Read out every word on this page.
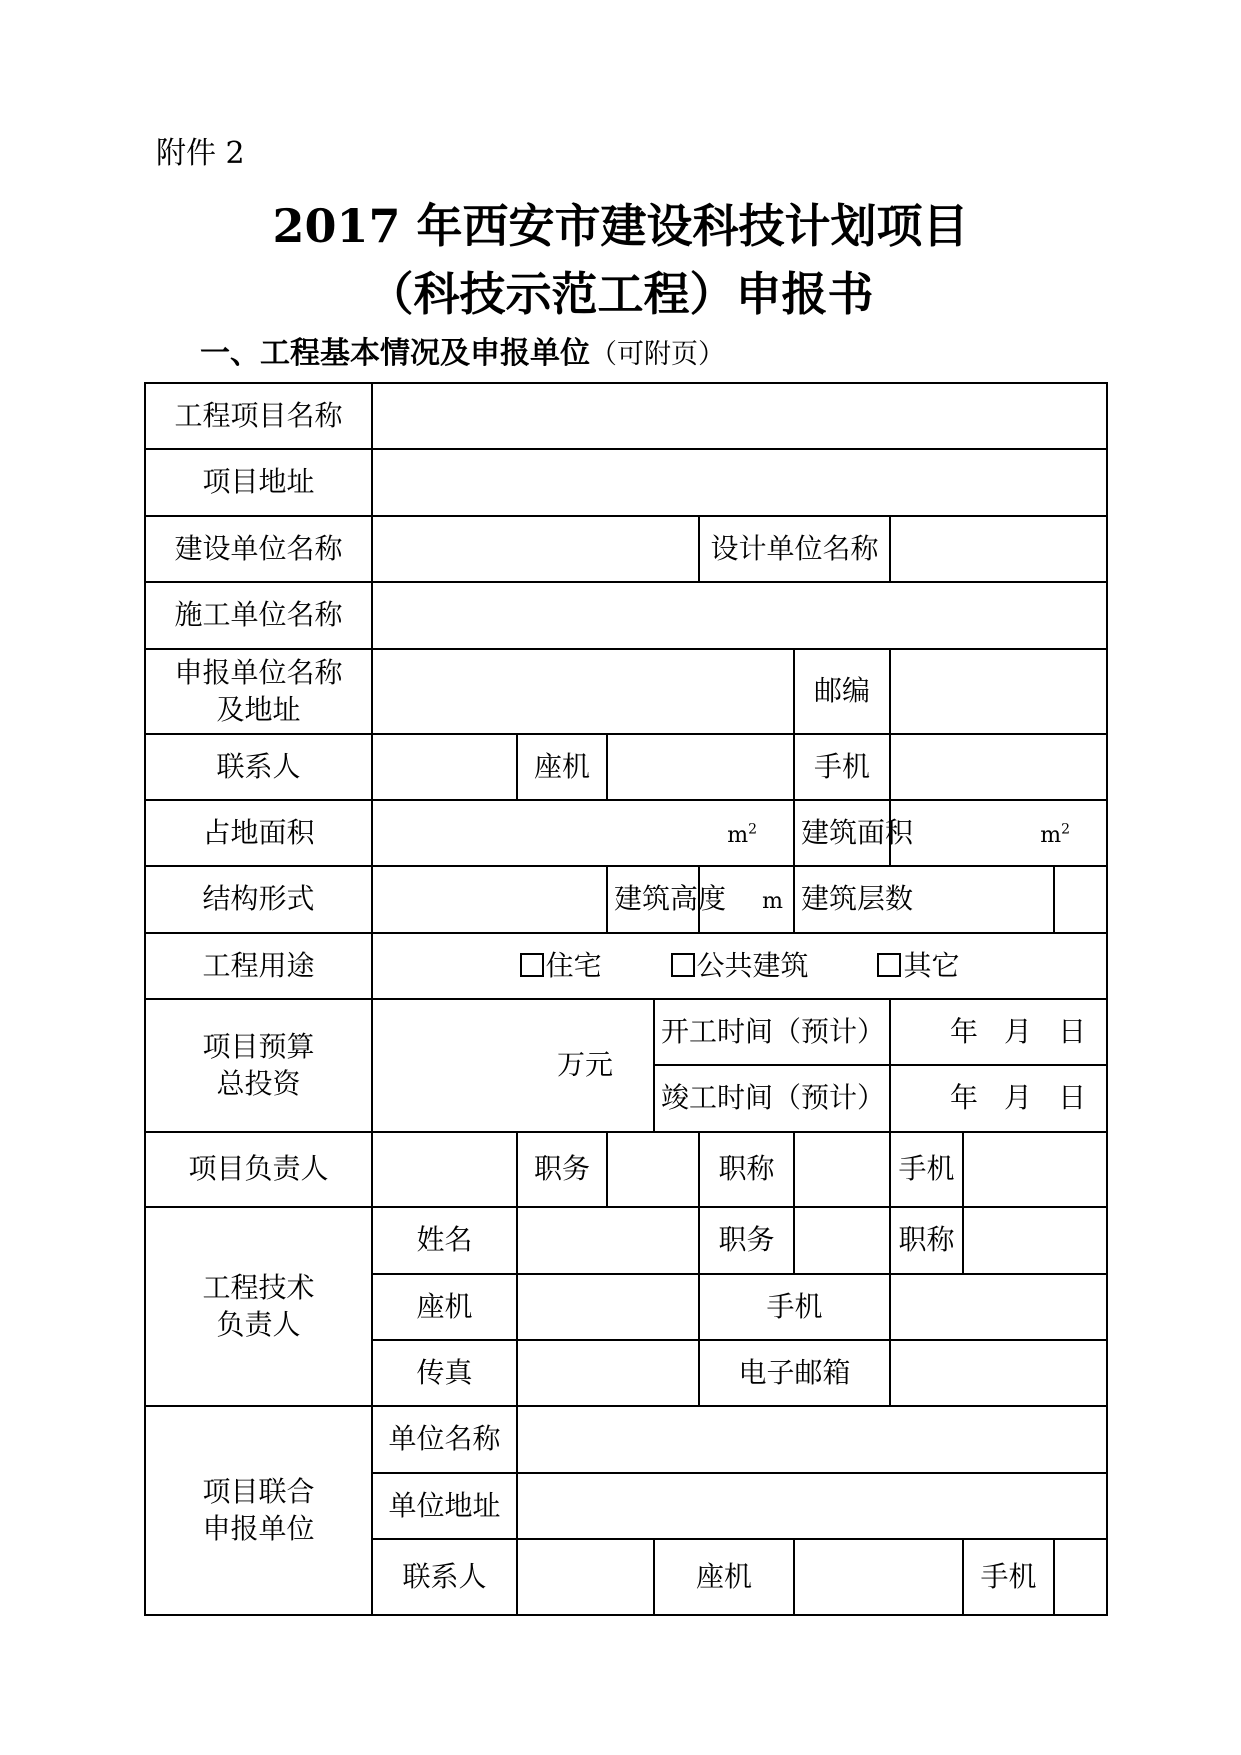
附件 2
2017 年西安市建设科技计划项目
（科技示范工程）申报书
一、工程基本情况及申报单位（可附页）
工程项目名称									
项目地址									
建设单位名称					设计单位名称				
施工单位名称									
申报单位名称
及地址						邮编			
联系人		座机				手机			
占地面积	$m^2$					建筑面积	$m^2$
结构形式			建筑高度		m	建筑层数			
工程用途	住宅 公共建筑 其它								
项目预算
总投资	万元			开工时间（预计）			年 月 日		
				竣工时间（预计）			年 月 日		
项目负责人		职务			职称		手机		
工程技术
负责人	姓名				职务		职称		
	座机				手机				
	传真				电子邮箱				
项目联合
申报单位	单位名称								
	单位地址								
	联系人			座机				手机	
